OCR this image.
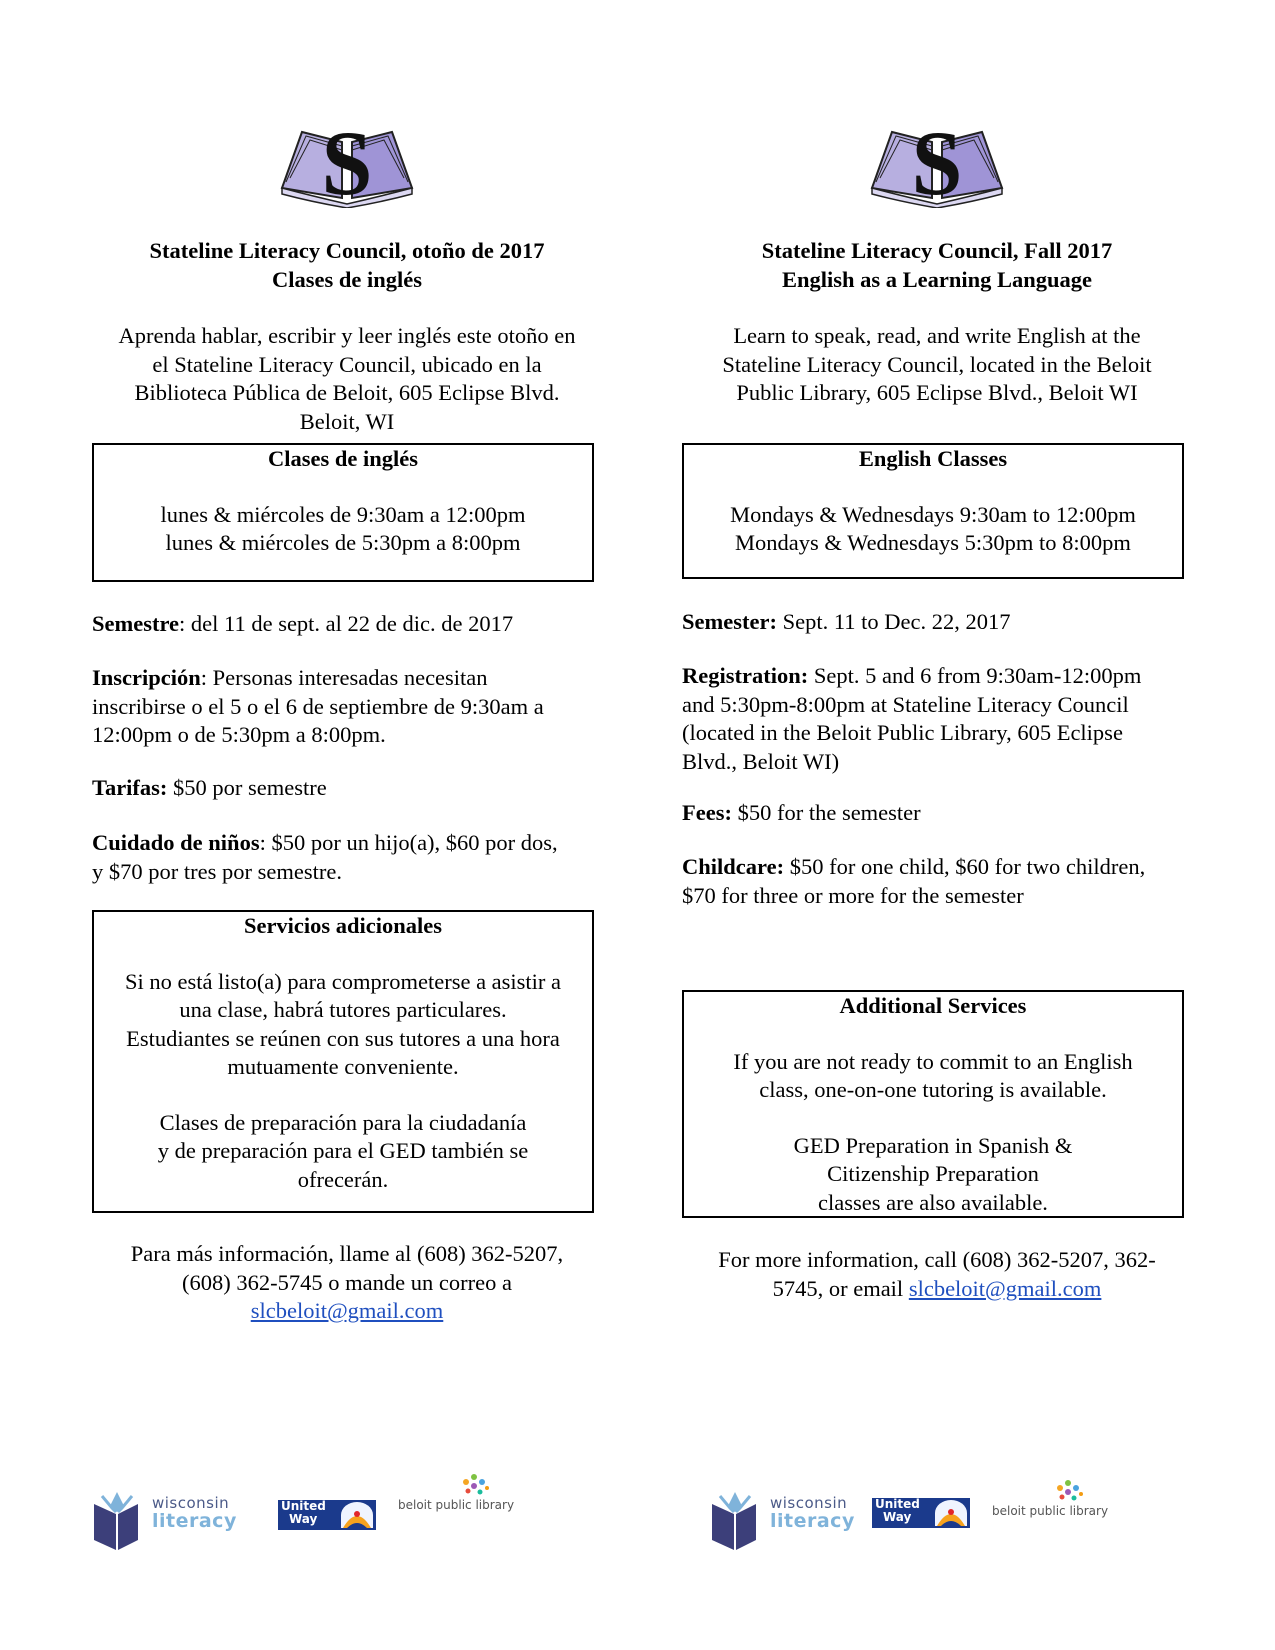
S
Stateline Literacy Council, otoño de 2017
Clases de inglés
Aprenda hablar, escribir y leer inglés este otoño en
el Stateline Literacy Council, ubicado en la
Biblioteca Pública de Beloit, 605 Eclipse Blvd.
Beloit, WI
Clases de inglés

lunes & miércoles de 9:30am a 12:00pm

lunes & miércoles de 5:30pm a 8:00pm

Semestre: del 11 de sept. al 22 de dic. de 2017
Inscripción: Personas interesadas necesitan
inscribirse o el 5 o el 6 de septiembre de 9:30am a
12:00pm o de 5:30pm a 8:00pm.
Tarifas: $50 por semestre
Cuidado de niños: $50 por un hijo(a), $60 por dos,
y $70 por tres por semestre.
Servicios adicionales

Si no está listo(a) para comprometerse a asistir a

una clase, habrá tutores particulares.

Estudiantes se reúnen con sus tutores a una hora

mutuamente conveniente.

Clases de preparación para la ciudadanía

y de preparación para el GED también se

ofrecerán.

Para más información, llame al (608) 362-5207,
(608) 362-5745 o mande un correo a
slcbeloit@gmail.com
wisconsin
literacy
United
Way
beloit public library
S
Stateline Literacy Council, Fall 2017
English as a Learning Language
Learn to speak, read, and write English at the
Stateline Literacy Council, located in the Beloit
Public Library, 605 Eclipse Blvd., Beloit WI
English Classes

Mondays & Wednesdays 9:30am to 12:00pm

Mondays & Wednesdays 5:30pm to 8:00pm

Semester: Sept. 11 to Dec. 22, 2017
Registration: Sept. 5 and 6 from 9:30am-12:00pm
and 5:30pm-8:00pm at Stateline Literacy Council
(located in the Beloit Public Library, 605 Eclipse
Blvd., Beloit WI)
Fees: $50 for the semester
Childcare: $50 for one child, $60 for two children,
$70 for three or more for the semester
Additional Services

If you are not ready to commit to an English

class, one-on-one tutoring is available.

GED Preparation in Spanish &

Citizenship Preparation

classes are also available.

For more information, call (608) 362-5207, 362-
5745, or email slcbeloit@gmail.com
wisconsin
literacy
United
Way	beloit public library
